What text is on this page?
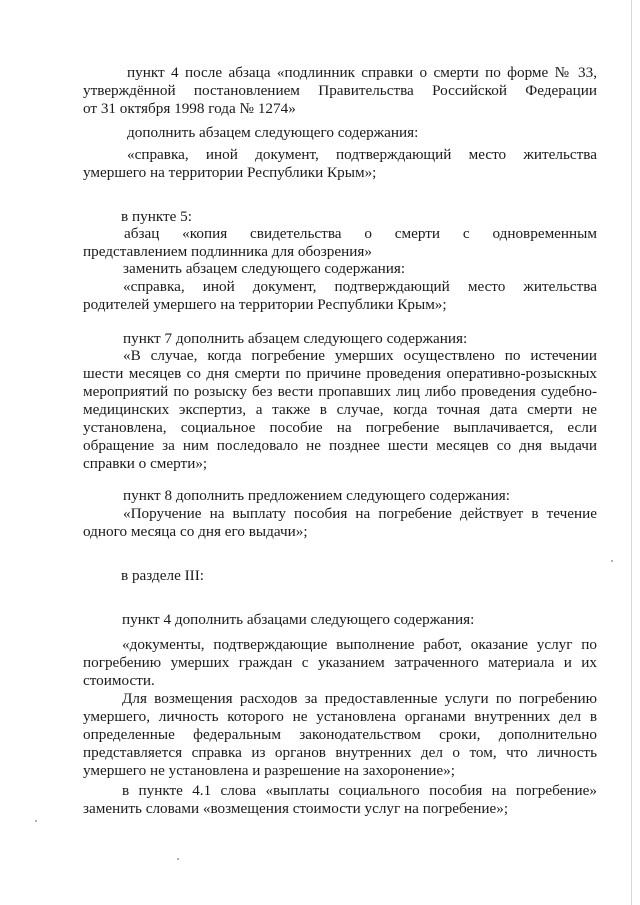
пункт 4 после абзаца «подлинник справки о смерти по форме № 33,
утверждённой постановлением Правительства Российской Федерации
от 31 октября 1998 года № 1274»
дополнить абзацем следующего содержания:
«справка, иной документ, подтверждающий место жительства
умершего на территории Республики Крым»;
в пункте 5:
абзац «копия свидетельства о смерти с одновременным
представлением подлинника для обозрения»
заменить абзацем следующего содержания:
«справка, иной документ, подтверждающий место жительства
родителей умершего на территории Республики Крым»;
пункт 7 дополнить абзацем следующего содержания:
«В случае, когда погребение умерших осуществлено по истечении
шести месяцев со дня смерти по причине проведения оперативно-розыскных
мероприятий по розыску без вести пропавших лиц либо проведения судебно-
медицинских экспертиз, а также в случае, когда точная дата смерти не
установлена, социальное пособие на погребение выплачивается, если
обращение за ним последовало не позднее шести месяцев со дня выдачи
справки о смерти»;
пункт 8 дополнить предложением следующего содержания:
«Поручение на выплату пособия на погребение действует в течение
одного месяца со дня его выдачи»;
в разделе III:
пункт 4 дополнить абзацами следующего содержания:
«документы, подтверждающие выполнение работ, оказание услуг по
погребению умерших граждан с указанием затраченного материала и их
стоимости.
Для возмещения расходов за предоставленные услуги по погребению
умершего, личность которого не установлена органами внутренних дел в
определенные федеральным законодательством сроки, дополнительно
представляется справка из органов внутренних дел о том, что личность
умершего не установлена и разрешение на захоронение»;
в пункте 4.1 слова «выплаты социального пособия на погребение»
заменить словами «возмещения стоимости услуг на погребение»;
